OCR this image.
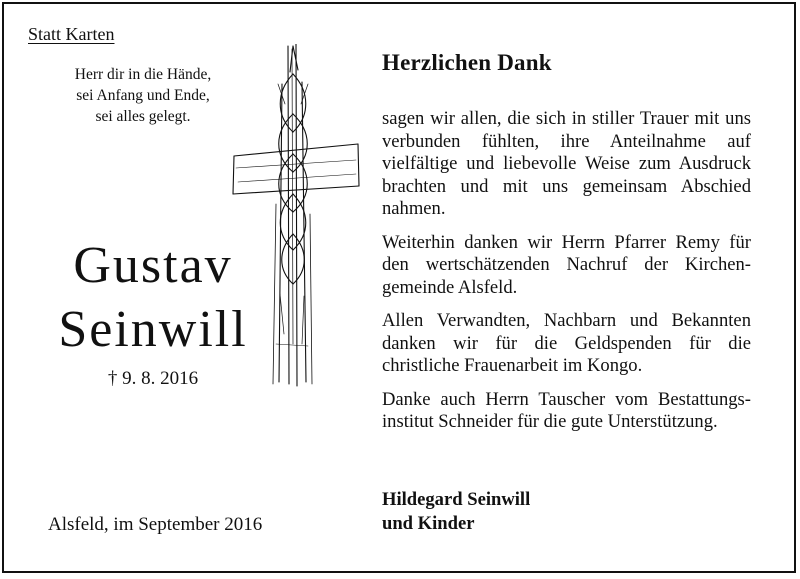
Statt Karten
Herr dir in die Hände,
sei Anfang und Ende,
sei alles gelegt.
Gustav
Seinwill
† 9. 8. 2016
Alsfeld, im September 2016
Herzlichen Dank

sagen wir allen, die sich in stiller Trauer mit uns verbunden fühlten, ihre Anteilnahme auf vielfältige und liebevolle Weise zum Ausdruck brachten und mit uns gemeinsam Abschied nahmen.

Weiterhin danken wir Herrn Pfarrer Remy für den wertschätzenden Nachruf der Kirchengemeinde Alsfeld.

Allen Verwandten, Nachbarn und Bekannten danken wir für die Geldspenden für die christliche Frauenarbeit im Kongo.

Danke auch Herrn Tauscher vom Bestattungsinstitut Schneider für die gute Unterstützung.

Hildegard Seinwill
und Kinder
